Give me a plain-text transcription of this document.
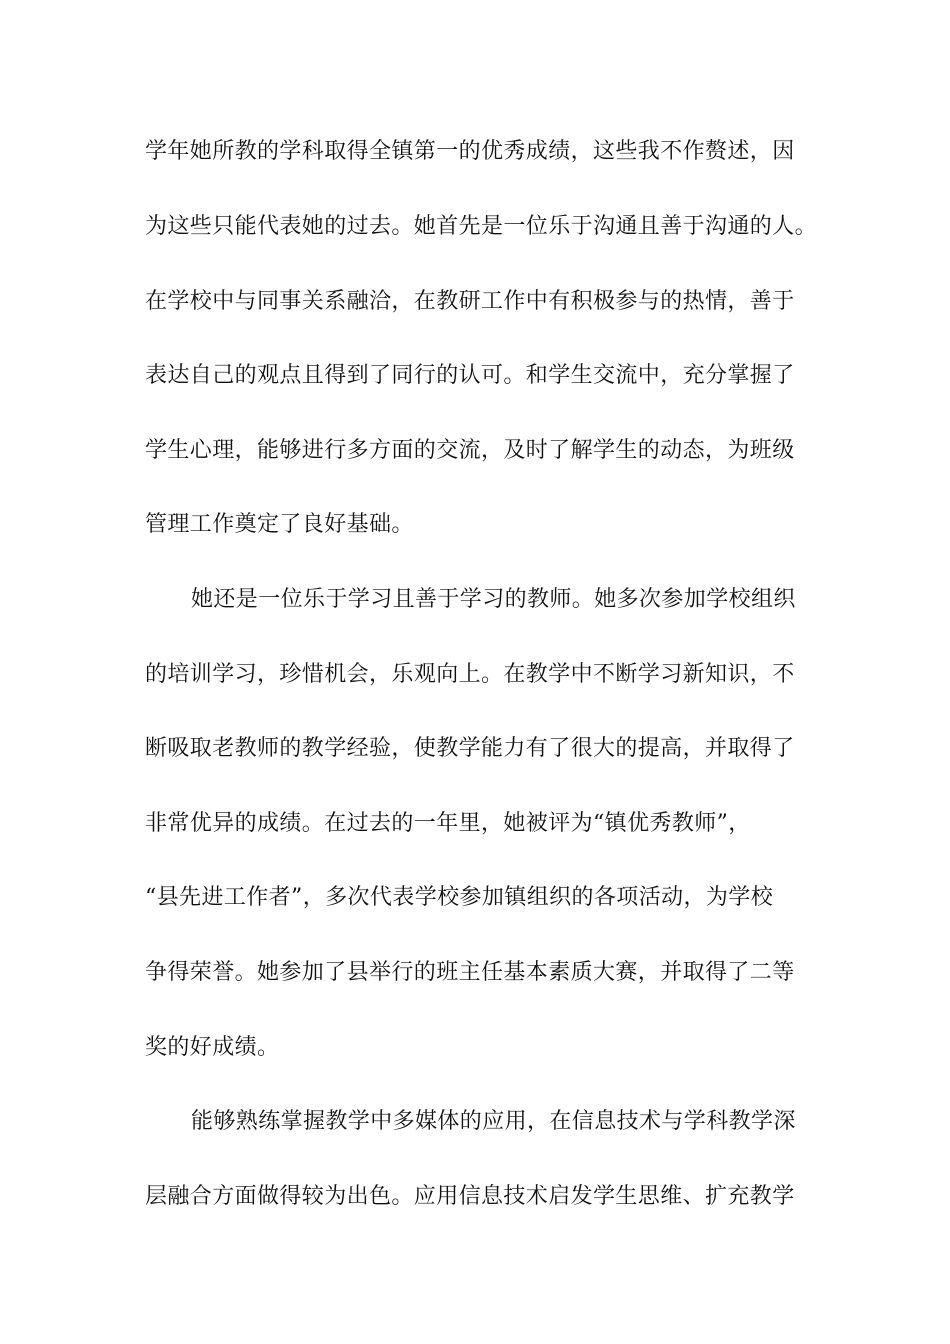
学年她所教的学科取得全镇第一的优秀成绩，这些我不作赘述，因
为这些只能代表她的过去。她首先是一位乐于沟通且善于沟通的人。
在学校中与同事关系融洽，在教研工作中有积极参与的热情，善于
表达自己的观点且得到了同行的认可。和学生交流中，充分掌握了
学生心理，能够进行多方面的交流，及时了解学生的动态，为班级
管理工作奠定了良好基础。
她还是一位乐于学习且善于学习的教师。她多次参加学校组织
的培训学习，珍惜机会，乐观向上。在教学中不断学习新知识，不
断吸取老教师的教学经验，使教学能力有了很大的提高，并取得了
非常优异的成绩。在过去的一年里，她被评为“镇优秀教师”，
“县先进工作者”，多次代表学校参加镇组织的各项活动，为学校
争得荣誉。她参加了县举行的班主任基本素质大赛，并取得了二等
奖的好成绩。
能够熟练掌握教学中多媒体的应用，在信息技术与学科教学深
层融合方面做得较为出色。应用信息技术启发学生思维、扩充教学
